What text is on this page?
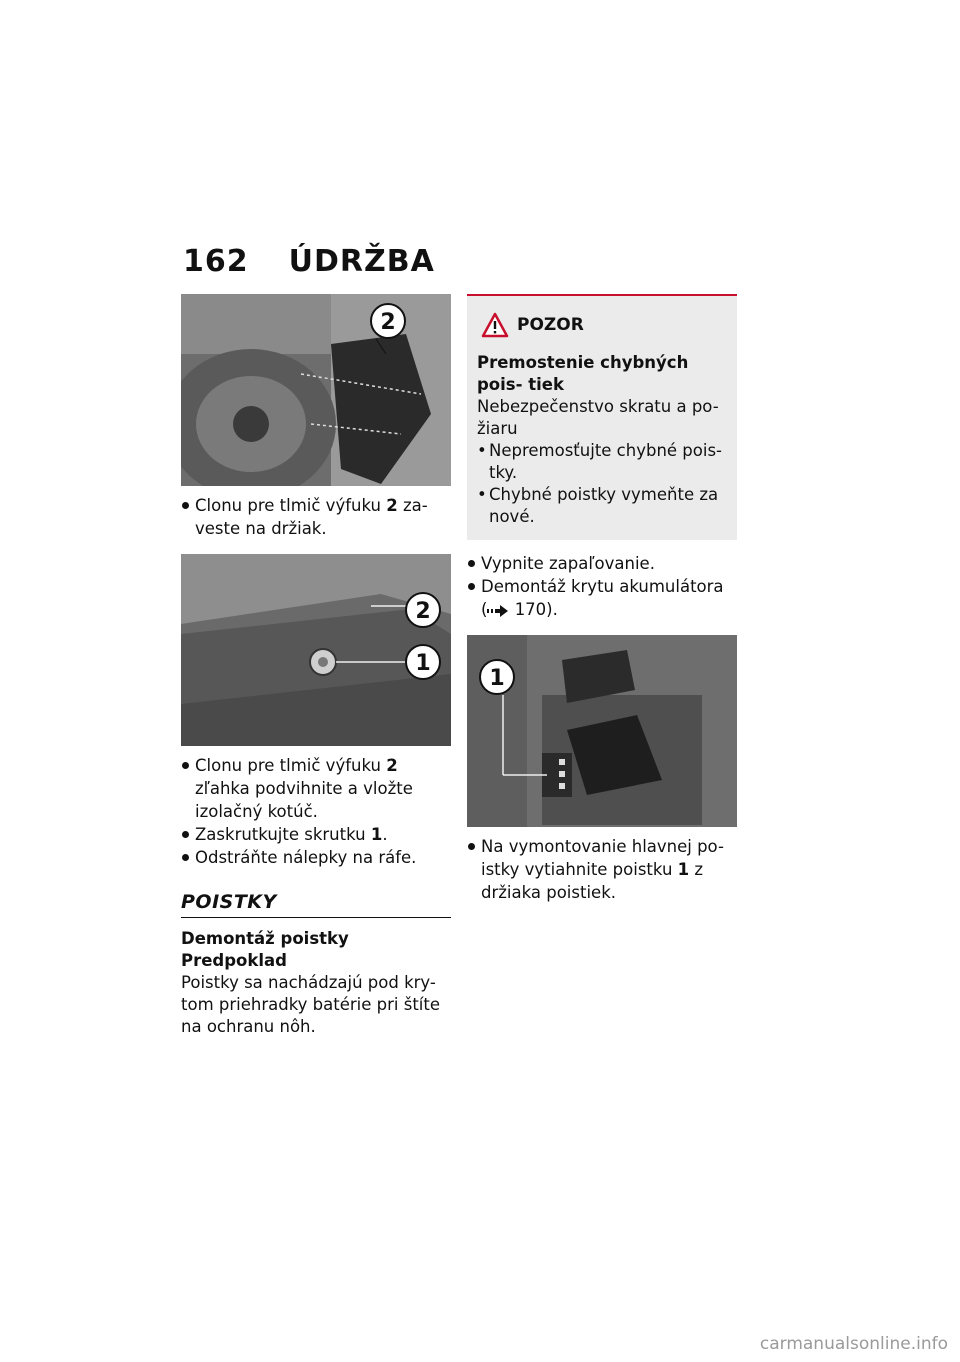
162 ÚDRŽBA
2
Clonu pre tlmič výfuku 2 za- veste na držiak.
2
1
Clonu pre tlmič výfuku 2 zľahka podvihnite a vložte izolačný kotúč.
Zaskrutkujte skrutku 1.
Odstráňte nálepky na ráfe.
POISTKY
Demontáž poistky
Predpoklad
Poistky sa nachádzajú pod kry- tom priehradky batérie pri štíte na ochranu nôh.
POZOR
Premostenie chybných pois- tiek
Nebezpečenstvo skratu a po- žiaru
• Nepremosťujte chybné pois- tky.
• Chybné poistky vymeňte za nové.
Vypnite zapaľovanie.
Demontáž krytu akumulátora
( 170).
1
Na vymontovanie hlavnej po- istky vytiahnite poistku 1 z držiaka poistiek.
carmanualsonline.info
